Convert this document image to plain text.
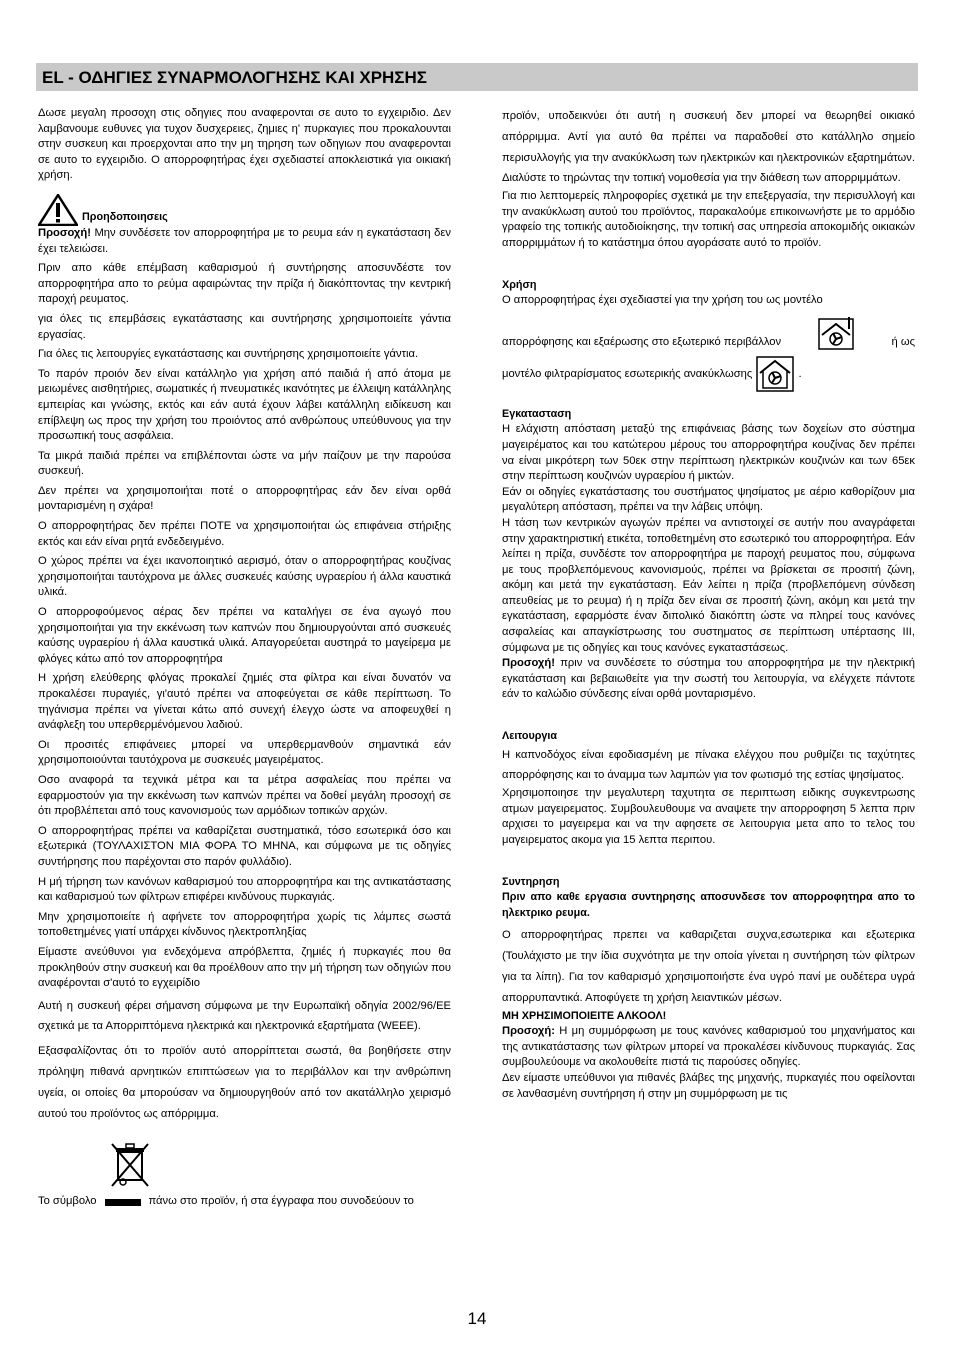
EL - ΟΔΗΓΙΕΣ ΣΥΝΑΡΜΟΛΟΓΗΣΗΣ ΚΑΙ ΧΡΗΣΗΣ

Δωσε μεγαλη προσοχη στις οδηγιες που αναφερονται σε αυτο το εγχειριδιο. Δεν λαμβανουμε ευθυνες για τυχον δυσχερειες, ζημιες η' πυρκαγιες που προκαλουνται στην συσκευη και προερχονται απο την μη τηρηση των οδηγιων που αναφερονται σε αυτο το εγχειριδιο. Ο απορροφητήρας έχει σχεδιαστεί αποκλειστικά για οικιακή χρήση.

Προηδοποιησεις

Προσοχή! Μην συνδέσετε τον απορροφητήρα με το ρευμα εάν η εγκατάσταση δεν έχει τελειώσει.

Πριν απο κάθε επέμβαση καθαρισμού ή συντήρησης αποσυνδέστε τον απορροφητήρα απο το ρεύμα αφαιρώντας την πρίζα ή διακόπτοντας την κεντρική παροχή ρευματος.

για όλες τις επεμβάσεις εγκατάστασης και συντήρησης χρησιμοποιείτε γάντια εργασίας.

Για όλες τις λειτουργίες εγκατάστασης και συντήρησης χρησιμοποιείτε γάντια.

Το παρόν προιόν δεν είναι κατάλληλο για χρήση από παιδιά ή από άτομα με μειωμένες αισθητήριες, σωματικές ή πνευματικές ικανότητες με έλλειψη κατάλληλης εμπειρίας και γνώσης, εκτός και εάν αυτά έχουν λάβει κατάλληλη ειδίκευση και επίβλεψη ως προς την χρήση του προιόντος από ανθρώπους υπεύθυνους για την προσωπική τους ασφάλεια.

Τα μικρά παιδιά πρέπει να επιβλέπονται ώστε να μήν παίζουν με την παρούσα συσκευή.

Δεν πρέπει να χρησιμοποιήται ποτέ ο απορροφητήρας εάν δεν είναι ορθά μονταρισμένη η σχάρα!

Ο απορροφητήρας δεν πρέπει ΠΟΤΕ να χρησιμοποιήται ώς επιφάνεια στήριξης εκτός και εάν είναι ρητά ενδεδειγμένο.

Ο χώρος πρέπει να έχει ικανοποιητικό αερισμό, όταν ο απορροφητήρας κουζίνας χρησιμοποιήται ταυτόχρονα με άλλες συσκευές καύσης υγραερίου ή άλλα καυστικά υλικά.

Ο απορροφούμενος αέρας δεν πρέπει να καταλήγει σε ένα αγωγό που χρησιμοποιήται για την εκκένωση των καπνών που δημιουργούνται από συσκευές καύσης υγραερίου ή άλλα καυστικά υλικά. Απαγορεύεται αυστηρά το μαγείρεμα με φλόγες κάτω από τον απορροφητήρα

Η χρήση ελεύθερης φλόγας προκαλεί ζημιές στα φίλτρα και είναι δυνατόν να προκαλέσει πυραγιές, γι'αυτό πρέπει να αποφεύγεται σε κάθε περίπτωση. Το τηγάνισμα πρέπει να γίνεται κάτω από συνεχή έλεγχο ώστε να αποφευχθεί η ανάφλεξη του υπερθερμένόμενου λαδιού.

Οι προσιτές επιφάνειες μπορεί να υπερθερμανθούν σημαντικά εάν χρησιμοποιούνται ταυτόχρονα με συσκευές μαγειρέματος.

Οσο αναφορά τα τεχνικά μέτρα και τα μέτρα ασφαλείας που πρέπει να εφαρμοστούν για την εκκένωση των καπνών πρέπει να δοθεί μεγάλη προσοχή σε ότι προβλέπεται από τους κανονισμούς των αρμόδιων τοπικών αρχών.

Ο απορροφητήρας πρέπει να καθαρίζεται συστηματικά, τόσο εσωτερικά όσο και εξωτερικά (ΤΟΥΛΑΧΙΣΤΟΝ ΜΙΑ ΦΟΡΑ ΤΟ ΜΗΝΑ, και σύμφωνα με τις οδηγίες συντήρησης που παρέχονται στο παρόν φυλλάδιο).

Η μή τήρηση των κανόνων καθαρισμού του απορροφητήρα και της αντικατάστασης και καθαρισμού των φίλτρων επιφέρει κινδύνους πυρκαγιάς.

Μην χρησιμοποιείτε ή αφήνετε τον απορροφητήρα χωρίς τις λάμπες σωστά τοποθετημένες γιατί υπάρχει κίνδυνος ηλεκτροπληξίας

Είμαστε ανεύθυνοι για ενδεχόμενα απρόβλεπτα, ζημιές ή πυρκαγιές που θα προκληθούν στην συσκευή και θα προέλθουν απο την μή τήρηση των οδηγιών που αναφέρονται σ'αυτό το εγχειρίδιο

Αυτή η συσκευή φέρει σήμανση σύμφωνα με την Ευρωπαϊκή οδηγία 2002/96/ΕΕ σχετικά με τα Απορριπτόμενα ηλεκτρικά και ηλεκτρονικά εξαρτήματα (WEEE).

Εξασφαλίζοντας ότι το προϊόν αυτό απορρίπτεται σωστά, θα βοηθήσετε στην πρόληψη πιθανά αρνητικών επιπτώσεων για το περιβάλλον και την ανθρώπινη υγεία, οι οποίες θα μπορούσαν να δημιουργηθούν από τον ακατάλληλο χειρισμό αυτού του προϊόντος ως απόρριμμα.

Το σύμβολο	πάνω στο προϊόν, ή στα έγγραφα που συνοδεύουν το

προϊόν, υποδεικνύει ότι αυτή η συσκευή δεν μπορεί να θεωρηθεί οικιακό απόρριμμα. Αντί για αυτό θα πρέπει να παραδοθεί στο κατάλληλο σημείο περισυλλογής για την ανακύκλωση των ηλεκτρικών και ηλεκτρονικών εξαρτημάτων. Διαλύστε το τηρώντας την τοπική νομοθεσία για την διάθεση των απορριμμάτων.

Για πιο λεπτομερείς πληροφορίες σχετικά με την επεξεργασία, την περισυλλογή και την ανακύκλωση αυτού του προϊόντος, παρακαλούμε επικοινωνήστε με το αρμόδιο γραφείο της τοπικής αυτοδιοίκησης, την τοπική σας υπηρεσία αποκομιδής οικιακών απορριμμάτων ή το κατάστημα όπου αγοράσατε αυτό το προϊόν.

Χρήση

Ο απορροφητήρας έχει σχεδιαστεί για την χρήση του ως μοντέλο

απορρόφησης και εξαέρωσης στο εξωτερικό περιβάλλον	ή ως
μοντέλο φιλτραρίσματος εσωτερικής ανακύκλωσης	.

Εγκατασταση

Η ελάχιστη απόσταση μεταξύ της επιφάνειας βάσης των δοχείων στο σύστημα μαγειρέματος και του κατώτερου μέρους του απορροφητήρα κουζίνας δεν πρέπει να είναι μικρότερη των 50εκ στην περίπτωση ηλεκτρικών κουζινών και των 65εκ στην περίπτωση κουζινών υγραερίου ή μικτών.

Εάν οι οδηγίες εγκατάστασης του συστήματος ψησίματος με αέριο καθορίζουν μια μεγαλύτερη απόσταση, πρέπει να την λάβεις υπόψη.

Η τάση των κεντρικών αγωγών πρέπει να αντιστοιχεί σε αυτήν που αναγράφεται στην χαρακτηριστική ετικέτα, τοποθετημένη στο εσωτερικό του απορροφητήρα. Εάν λείπει η πρίζα, συνδέστε τον απορροφητήρα με παροχή ρευματος που, σύμφωνα με τους προβλεπόμενους κανονισμούς, πρέπει να βρίσκεται σε προσιτή ζώνη, ακόμη και μετά την εγκατάσταση. Εάν λείπει η πρίζα (προβλεπόμενη σύνδεση απευθείας με το ρευμα) ή η πρίζα δεν είναι σε προσιτή ζώνη, ακόμη και μετά την εγκατάσταση, εφαρμόστε έναν διπολικό διακόπτη ώστε να πληρεί τους κανόνες ασφαλείας και απαγκίστρωσης του συστηματος σε περίπτωση υπέρτασης ΙΙΙ, σύμφωνα με τις οδηγίες και τους κανόνες εγκαταστάσεως.

Προσοχή! πριν να συνδέσετε το σύστημα του απορροφητήρα με την ηλεκτρική εγκατάσταση και βεβαιωθείτε για την σωστή του λειτουργία, να ελέγχετε πάντοτε εάν το καλώδιο σύνδεσης είναι ορθά μονταρισμένο.

Λειτουργια

Η καπνοδόχος είναι εφοδιασμένη με πίνακα ελέγχου που ρυθμίζει τις ταχύτητες απορρόφησης και το άναμμα των λαμπών για τον φωτισμό της εστίας ψησίματος.

Χρησιμοποιησε την μεγαλυτερη ταχυτητα σε περιπτωση ειδικης συγκεντρωσης ατμων μαγειρεματος. Συμβουλευθουμε να αναψετε την απορροφηση 5 λεπτα πριν αρχισει το μαγειρεμα και να την αφησετε σε λειτουργια μετα απο το τελος του μαγειρεματος ακομα για 15 λεπτα περιπου.

Συντηρηση

Πριν απο καθε εργασια συντηρησης αποσυνδεσε τον απορροφητηρα απο το ηλεκτρικο ρευμα.

Ο απορροφητήρας πρεπει να καθαριζεται συχνα,εσωτερικα και εξωτερικα (Τουλάχιστο με την ίδια συχνότητα με την οποία γίνεται η συντήρηση τών φίλτρων για τα λίπη). Για τον καθαρισμό χρησιμοποιήστε ένα υγρό πανί με ουδέτερα υγρά απορρυπαντικά. Αποφύγετε τη χρήση λειαντικών μέσων.

ΜΗ ΧΡΗΣΙΜΟΠΟΙΕΙΤΕ ΑΛΚΟΟΛ!

Προσοχή: Η μη συμμόρφωση με τους κανόνες καθαρισμού του μηχανήματος και της αντικατάστασης των φίλτρων μπορεί να προκαλέσει κίνδυνους πυρκαγιάς. Σας συμβουλεύουμε να ακολουθείτε πιστά τις παρούσες οδηγίες.

Δεν είμαστε υπεύθυνοι για πιθανές βλάβες της μηχανής, πυρκαγιές που οφείλονται σε λανθασμένη συντήρηση ή στην μη συμμόρφωση με τις

14
